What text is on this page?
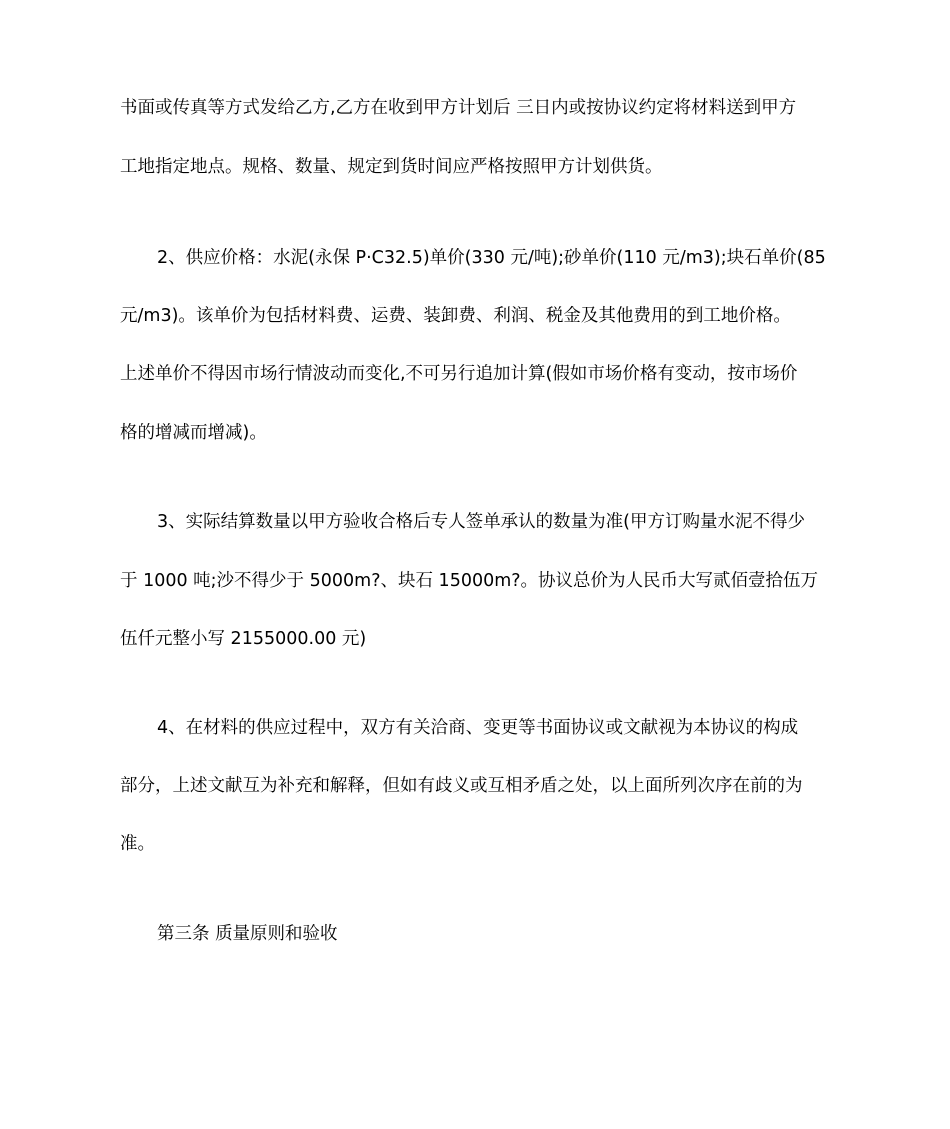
书面或传真等方式发给乙方,乙方在收到甲方计划后 三日内或按协议约定将材料送到甲方
工地指定地点。规格、数量、规定到货时间应严格按照甲方计划供货。
2、供应价格：水泥(永保 P·C32.5)单价(330 元/吨);砂单价(110 元/m3);块石单价(85
元/m3)。该单价为包括材料费、运费、装卸费、利润、税金及其他费用的到工地价格。
上述单价不得因市场行情波动而变化,不可另行追加计算(假如市场价格有变动，按市场价
格的增减而增减)。
3、实际结算数量以甲方验收合格后专人签单承认的数量为准(甲方订购量水泥不得少
于 1000 吨;沙不得少于 5000m?、块石 15000m?。协议总价为人民币大写贰佰壹拾伍万
伍仟元整小写 2155000.00 元)
4、在材料的供应过程中，双方有关洽商、变更等书面协议或文献视为本协议的构成
部分，上述文献互为补充和解释，但如有歧义或互相矛盾之处，以上面所列次序在前的为
准。
第三条 质量原则和验收
